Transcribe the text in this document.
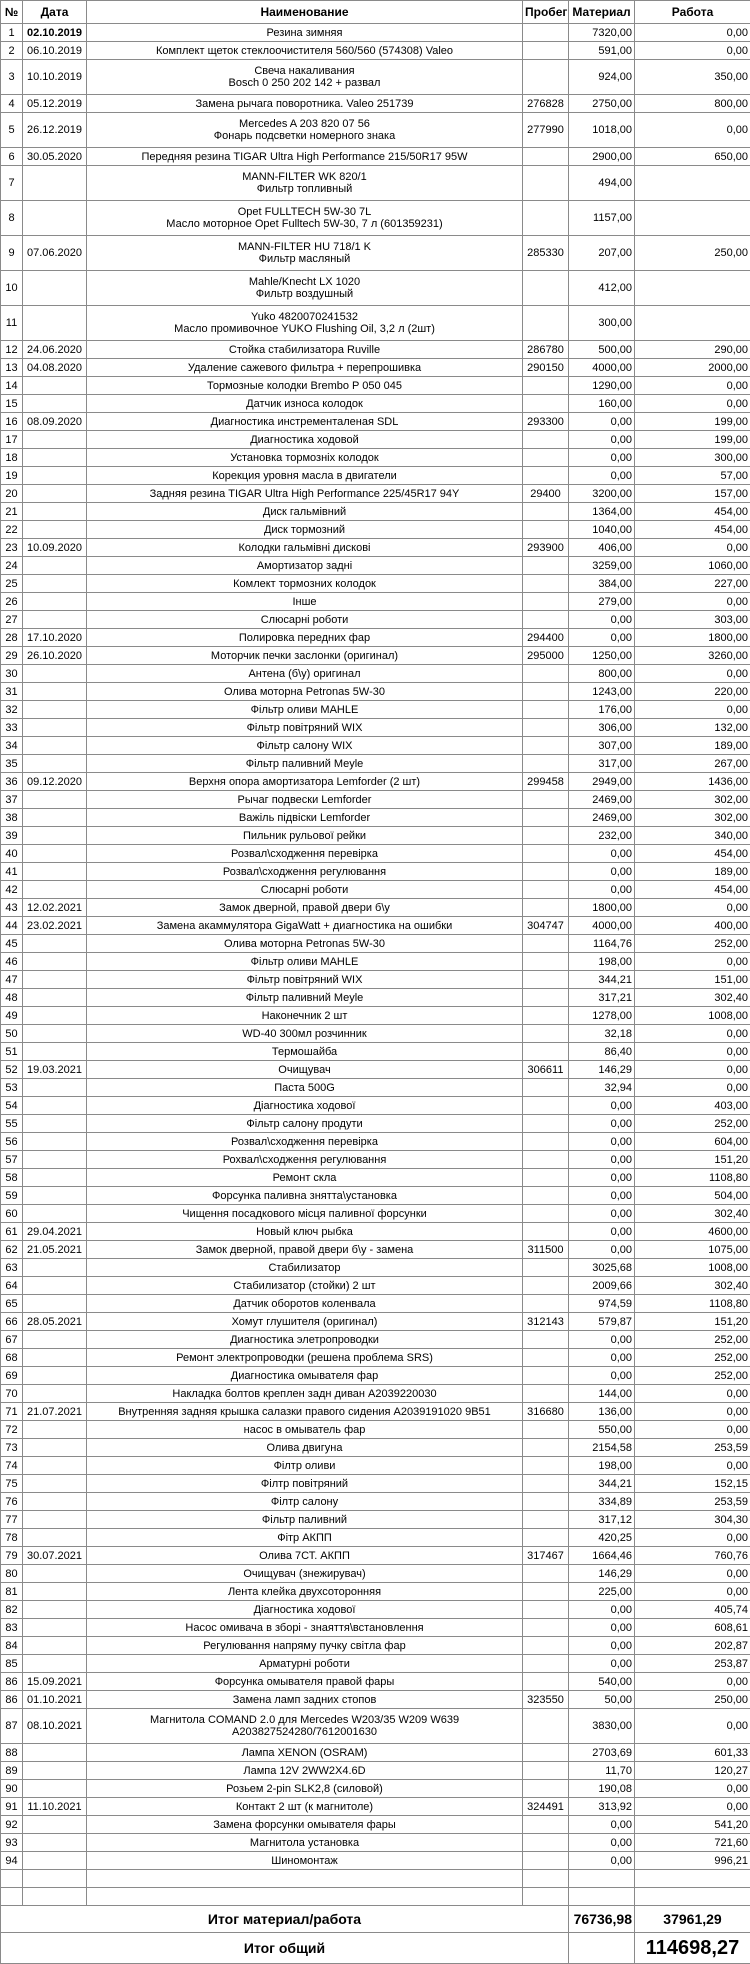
№	Дата	Наименование	Пробег	Материал	Работа
1	02.10.2019	Резина зимняя		7320,00	0,00
2	06.10.2019	Комплект щеток стеклоочистителя 560/560 (574308) Valeo		591,00	0,00
3	10.10.2019	Свеча накаливания
Bosch 0 250 202 142 + развал		924,00	350,00
4	05.12.2019	Замена рычага поворотника. Valeo 251739	276828	2750,00	800,00
5	26.12.2019	Mercedes A 203 820 07 56
Фонарь подсветки номерного знака	277990	1018,00	0,00
6	30.05.2020	Передняя резина TIGAR Ultra High Performance 215/50R17 95W		2900,00	650,00
7		MANN-FILTER WK 820/1
Фильтр топливный		494,00	
8		Opet FULLTECH 5W-30 7L
Масло моторное Opet Fulltech 5W-30, 7 л (601359231)		1157,00	
9	07.06.2020	MANN-FILTER HU 718/1 K
Фильтр масляный	285330	207,00	250,00
10		Mahle/Knecht LX 1020
Фильтр воздушный		412,00	
11		Yuko 4820070241532
Масло промивочное YUKO Flushing Oil, 3,2 л (2шт)		300,00	
12	24.06.2020	Стойка стабилизатора Ruville	286780	500,00	290,00
13	04.08.2020	Удаление сажевого фильтра + перепрошивка	290150	4000,00	2000,00
14		Тормозные колодки Brembo P 050 045		1290,00	0,00
15		Датчик износа колодок		160,00	0,00
16	08.09.2020	Диагностика инстременталеная SDL	293300	0,00	199,00
17		Диагностика ходовой		0,00	199,00
18		Установка тормозніх колодок		0,00	300,00
19		Корекция уровня масла в двигатели		0,00	57,00
20		Задняя резина TIGAR Ultra High Performance 225/45R17 94Y	29400	3200,00	157,00
21		Диск гальмівний		1364,00	454,00
22		Диск тормозний		1040,00	454,00
23	10.09.2020	Колодки гальмівні дискові	293900	406,00	0,00
24		Амортизатор задні		3259,00	1060,00
25		Комлект тормозних колодок		384,00	227,00
26		Інше		279,00	0,00
27		Слюсарні роботи		0,00	303,00
28	17.10.2020	Полировка передних фар	294400	0,00	1800,00
29	26.10.2020	Моторчик печки заслонки (оригинал)	295000	1250,00	3260,00
30		Антена (б\у) оригинал		800,00	0,00
31		Олива моторна Petronas 5W-30		1243,00	220,00
32		Фільтр оливи MAHLE		176,00	0,00
33		Фільтр повітряний WIX		306,00	132,00
34		Фільтр салону WIX		307,00	189,00
35		Фільтр паливний Meyle		317,00	267,00
36	09.12.2020	Верхня опора амортизатора Lemforder (2 шт)	299458	2949,00	1436,00
37		Рычаг подвески Lemforder		2469,00	302,00
38		Важіль підвіски Lemforder		2469,00	302,00
39		Пильник рульової рейки		232,00	340,00
40		Розвал\сходження перевірка		0,00	454,00
41		Розвал\сходження регулювання		0,00	189,00
42		Слюсарні роботи		0,00	454,00
43	12.02.2021	Замок дверной, правой двери б\у		1800,00	0,00
44	23.02.2021	Замена акаммулятора GigaWatt + диагностика на ошибки	304747	4000,00	400,00
45		Олива моторна Petronas 5W-30		1164,76	252,00
46		Фільтр оливи MAHLE		198,00	0,00
47		Фільтр повітряний WIX		344,21	151,00
48		Фільтр паливний Meyle		317,21	302,40
49		Наконечник 2 шт		1278,00	1008,00
50		WD-40 300мл розчинник		32,18	0,00
51		Термошайба		86,40	0,00
52	19.03.2021	Очищувач	306611	146,29	0,00
53		Паста 500G		32,94	0,00
54		Діагностика ходової		0,00	403,00
55		Фільтр салону продути		0,00	252,00
56		Розвал\сходження перевірка		0,00	604,00
57		Рохвал\сходження регулювання		0,00	151,20
58		Ремонт скла		0,00	1108,80
59		Форсунка паливна знятта\установка		0,00	504,00
60		Чищення посадкового місця паливної форсунки		0,00	302,40
61	29.04.2021	Новый ключ рыбка		0,00	4600,00
62	21.05.2021	Замок дверной, правой двери б\у - замена	311500	0,00	1075,00
63		Стабилизатор		3025,68	1008,00
64		Стабилизатор (стойки) 2 шт		2009,66	302,40
65		Датчик оборотов коленвала		974,59	1108,80
66	28.05.2021	Хомут глушителя (оригинал)	312143	579,87	151,20
67		Диагностика элетропроводки		0,00	252,00
68		Ремонт электропроводки (решена проблема SRS)		0,00	252,00
69		Диагностика омывателя фар		0,00	252,00
70		Накладка болтов креплен задн диван A2039220030		144,00	0,00
71	21.07.2021	Внутренняя задняя крышка салазки правого сидения A2039191020 9B51	316680	136,00	0,00
72		насос в омыватель фар		550,00	0,00
73		Олива двигуна		2154,58	253,59
74		Філтр оливи		198,00	0,00
75		Філтр повітряний		344,21	152,15
76		Філтр салону		334,89	253,59
77		Фільтр паливний		317,12	304,30
78		Фітр АКПП		420,25	0,00
79	30.07.2021	Олива 7СТ. АКПП	317467	1664,46	760,76
80		Очищувач (знежирувач)		146,29	0,00
81		Лента клейка двухсоторонняя		225,00	0,00
82		Діагностика ходової		0,00	405,74
83		Насос омивача в зборі - знаяття\встановлення		0,00	608,61
84		Регулювання напряму пучку світла фар		0,00	202,87
85		Арматурні роботи		0,00	253,87
86	15.09.2021	Форсунка омывателя правой фары		540,00	0,00
86	01.10.2021	Замена ламп задних стопов	323550	50,00	250,00
87	08.10.2021	Магнитола COMAND 2.0 для Mercedes W203/35 W209 W639
A203827524280/7612001630		3830,00	0,00
88		Лампа XENON (OSRAM)		2703,69	601,33
89		Лампа 12V 2WW2X4.6D		11,70	120,27
90		Розьем 2-pin SLK2,8 (силовой)		190,08	0,00
91	11.10.2021	Контакт 2 шт (к магнитоле)	324491	313,92	0,00
92		Замена форсунки омывателя фары		0,00	541,20
93		Магнитола установка		0,00	721,60
94		Шиномонтаж		0,00	996,21

Итог материал/работа				76736,98	37961,29
Итог общий					114698,27
